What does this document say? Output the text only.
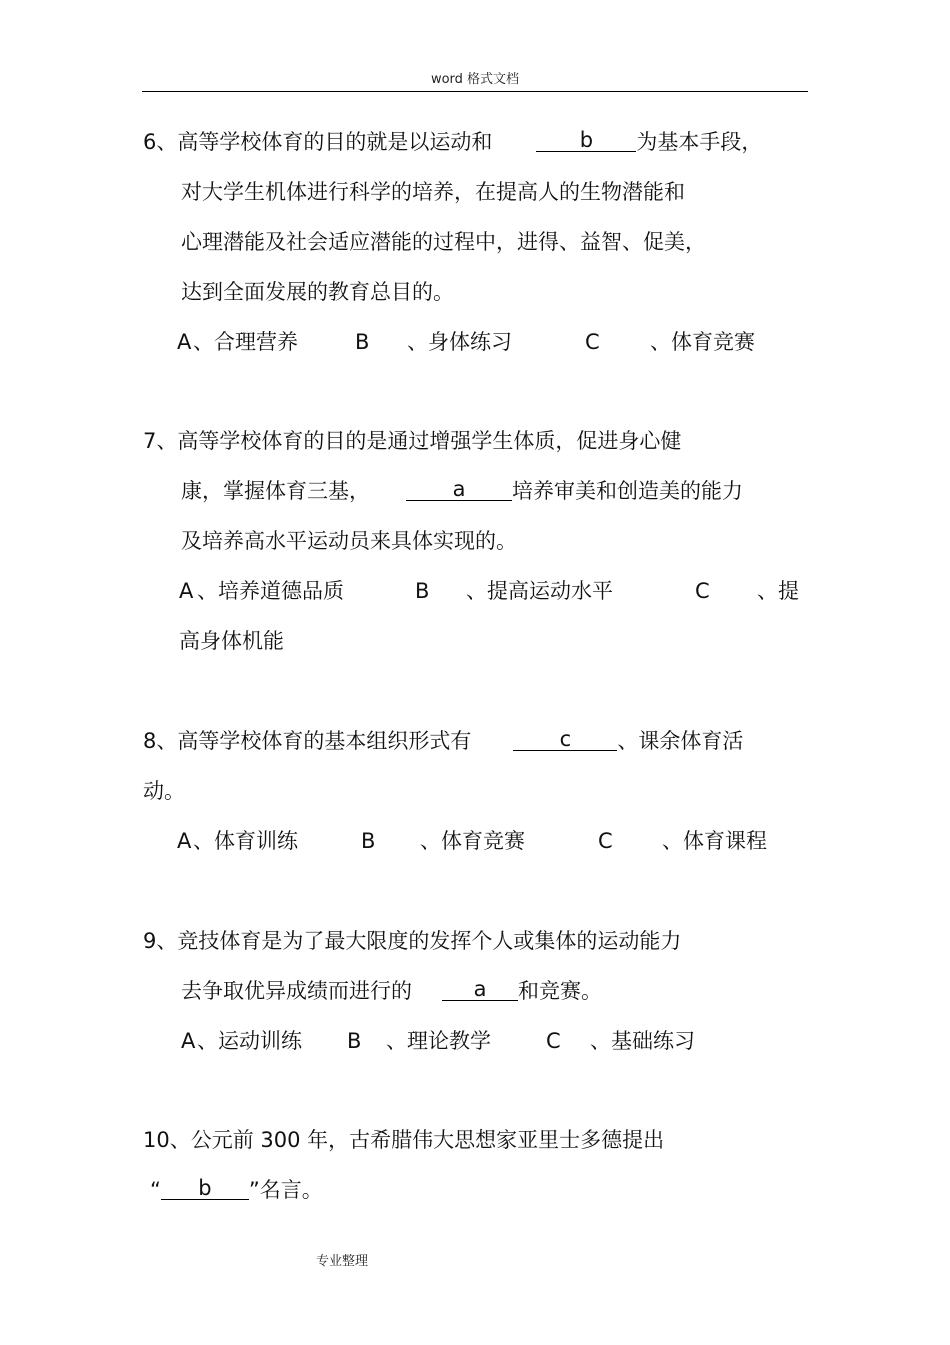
word 格式文档
6、高等学校体育的目的就是以运动和	b 为基本手段，
对大学生机体进行科学的培养，在提高人的生物潜能和
心理潜能及社会适应潜能的过程中，进得、益智、促美，
达到全面发展的教育总目的。
A 、合理营养	B 、身体练习	C 、体育竞赛
7、高等学校体育的目的是通过增强学生体质，促进身心健
康，掌握体育三基，	a 培养审美和创造美的能力
及培养高水平运动员来具体实现的。
A 、培养道德品质	B 、提高运动水平	C 、提
高身体机能
8、高等学校体育的基本组织形式有	c 、课余体育活
动。
A 、体育训练	B 、体育竞赛	C 、体育课程
9、竞技体育是为了最大限度的发挥个人或集体的运动能力
去争取优异成绩而进行的	a 和竞赛。
A 、运动训练 B 、理论教学	C 、基础练习
10、公元前 300 年，古希腊伟大思想家亚里士多德提出
“ b ”名言。
专业整理
